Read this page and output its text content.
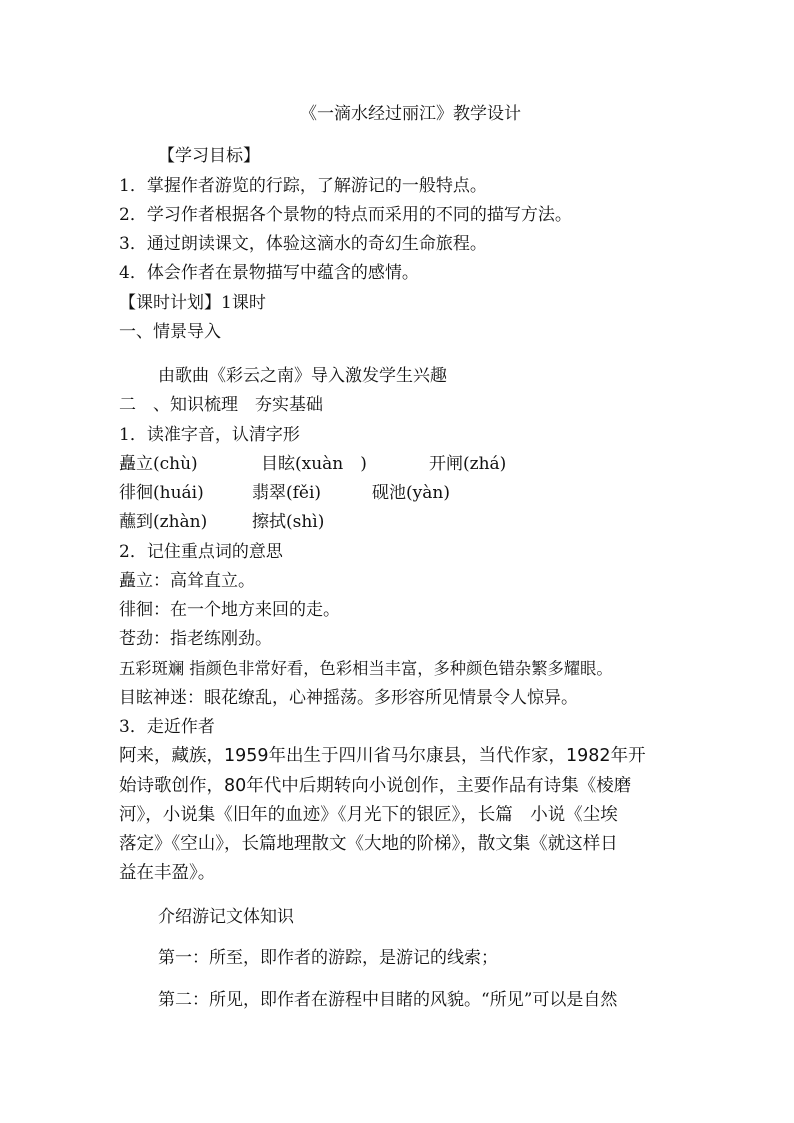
《一滴水经过丽江》教学设计
【学习目标】
1．掌握作者游览的行踪，了解游记的一般特点。
2．学习作者根据各个景物的特点而采用的不同的描写方法。
3．通过朗读课文，体验这滴水的奇幻生命旅程。
4．体会作者在景物描写中蕴含的感情。
【课时计划】1课时
一、情景导入
由歌曲《彩云之南》导入激发学生兴趣
二　、知识梳理　夯实基础
1．读准字音，认清字形
矗立(chù)	目眩(xuàn　)	开闸(zhá)
徘徊(huái)	翡翠(fěi)	砚池(yàn)
蘸到(zhàn)	擦拭(shì)
2．记住重点词的意思
矗立：高耸直立。
徘徊：在一个地方来回的走。
苍劲：指老练刚劲。
五彩斑斓 指颜色非常好看，色彩相当丰富，多种颜色错杂繁多耀眼。
目眩神迷：眼花缭乱，心神摇荡。多形容所见情景令人惊异。
3．走近作者
阿来，藏族，1959年出生于四川省马尔康县，当代作家，1982年开
始诗歌创作，80年代中后期转向小说创作，主要作品有诗集《棱磨
河》，小说集《旧年的血迹》《月光下的银匠》，长篇　小说《尘埃
落定》《空山》，长篇地理散文《大地的阶梯》，散文集《就这样日
益在丰盈》。
介绍游记文体知识
第一：所至，即作者的游踪，是游记的线索；
第二：所见，即作者在游程中目睹的风貌。“所见”可以是自然
